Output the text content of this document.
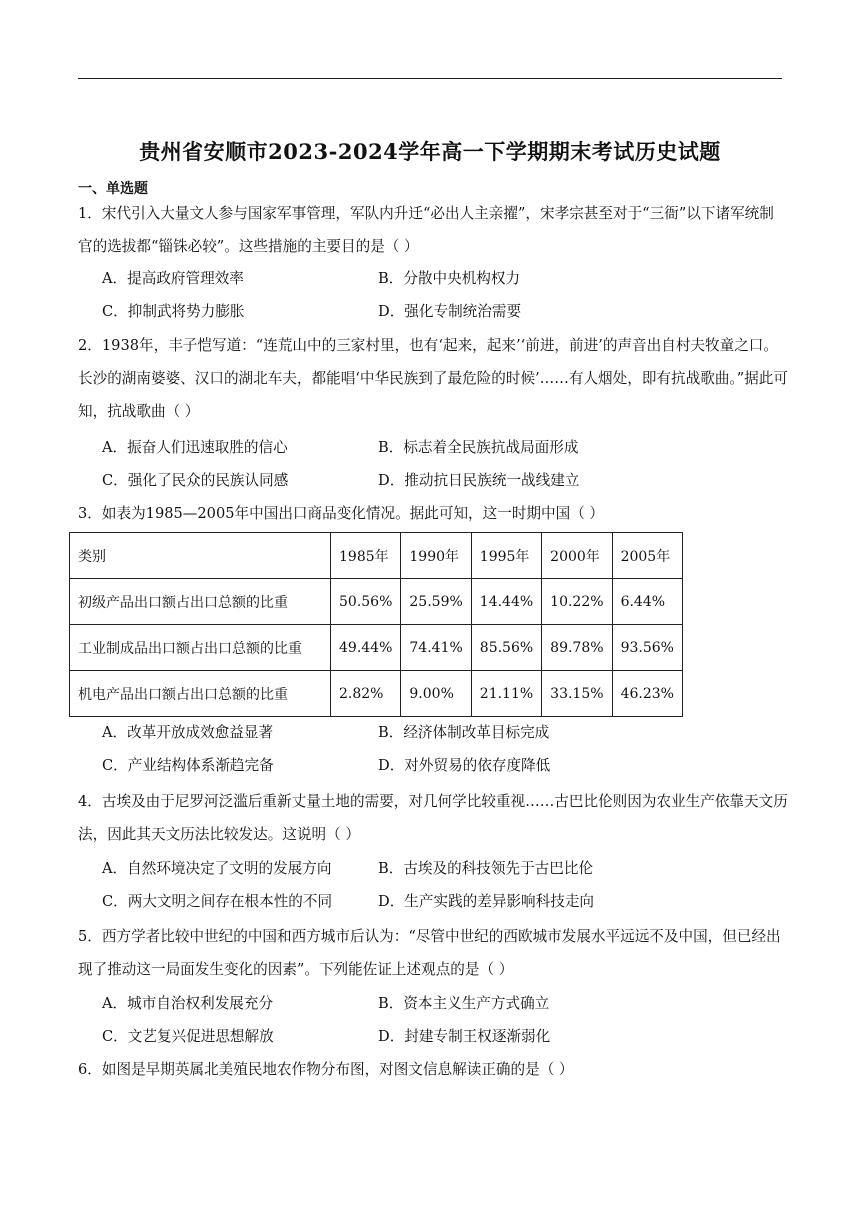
贵州省安顺市2023-2024学年高一下学期期末考试历史试题
一、单选题
1．宋代引入大量文人参与国家军事管理，军队内升迁“必出人主亲擢”，宋孝宗甚至对于“三衙”以下诸军统制官的选拔都“锱铢必较”。这些措施的主要目的是（ ）
A．提高政府管理效率	B．分散中央机构权力
C．抑制武将势力膨胀	D．强化专制统治需要
2．1938年，丰子恺写道：“连荒山中的三家村里，也有‘起来，起来’‘前进，前进’的声音出自村夫牧童之口。长沙的湖南婆婆、汉口的湖北车夫，都能唱‘中华民族到了最危险的时候’……有人烟处，即有抗战歌曲。”据此可知，抗战歌曲（ ）
A．振奋人们迅速取胜的信心	B．标志着全民族抗战局面形成
C．强化了民众的民族认同感	D．推动抗日民族统一战线建立
3．如表为1985—2005年中国出口商品变化情况。据此可知，这一时期中国（ ）
类别	1985年	1990年	1995年	2000年	2005年
初级产品出口额占出口总额的比重	50.56%	25.59%	14.44%	10.22%	6.44%
工业制成品出口额占出口总额的比重	49.44%	74.41%	85.56%	89.78%	93.56%
机电产品出口额占出口总额的比重	2.82%	9.00%	21.11%	33.15%	46.23%
A．改革开放成效愈益显著	B．经济体制改革目标完成
C．产业结构体系渐趋完备	D．对外贸易的依存度降低
4．古埃及由于尼罗河泛滥后重新丈量土地的需要，对几何学比较重视……古巴比伦则因为农业生产依靠天文历法，因此其天文历法比较发达。这说明（ ）
A．自然环境决定了文明的发展方向	B．古埃及的科技领先于古巴比伦
C．两大文明之间存在根本性的不同	D．生产实践的差异影响科技走向
5．西方学者比较中世纪的中国和西方城市后认为：“尽管中世纪的西欧城市发展水平远远不及中国，但已经出现了推动这一局面发生变化的因素”。下列能佐证上述观点的是（ ）
A．城市自治权利发展充分	B．资本主义生产方式确立
C．文艺复兴促进思想解放	D．封建专制王权逐渐弱化
6．如图是早期英属北美殖民地农作物分布图，对图文信息解读正确的是（ ）
